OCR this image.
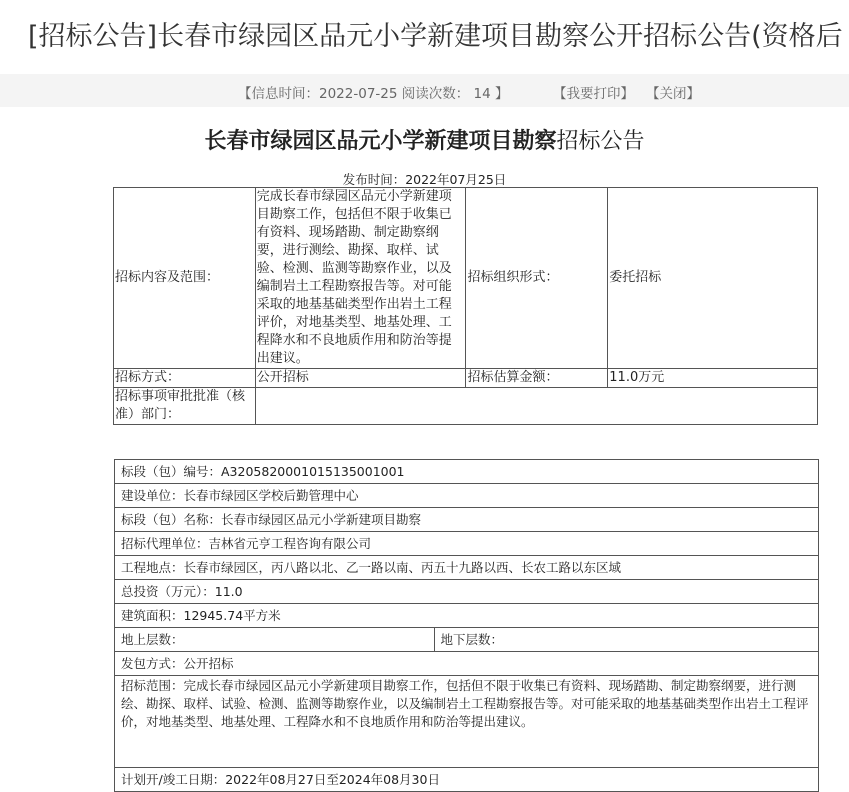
[招标公告]长春市绿园区品元小学新建项目勘察公开招标公告(资格后
【信息时间：2022-07-25 阅读次数： 14 】	【我要打印】 【关闭】
长春市绿园区品元小学新建项目勘察招标公告
发布时间：2022年07月25日
招标内容及范围：	完成长春市绿园区品元小学新建项目勘察工作，包括但不限于收集已有资料、现场踏勘、制定勘察纲要，进行测绘、勘探、取样、试验、检测、监测等勘察作业，以及编制岩土工程勘察报告等。对可能采取的地基基础类型作出岩土工程评价，对地基类型、地基处理、工程降水和不良地质作用和防治等提出建议。	招标组织形式：	委托招标
招标方式：	公开招标	招标估算金额：	11.0万元
招标事项审批批准（核准）部门：			
标段（包）编号：A3205820001015135001001
建设单位：长春市绿园区学校后勤管理中心
标段（包）名称：长春市绿园区品元小学新建项目勘察
招标代理单位：吉林省元亨工程咨询有限公司
工程地点：长春市绿园区，丙八路以北、乙一路以南、丙五十九路以西、长农工路以东区域
总投资（万元）：11.0
建筑面积：12945.74平方米
地上层数：	地下层数：
发包方式：公开招标
招标范围：完成长春市绿园区品元小学新建项目勘察工作，包括但不限于收集已有资料、现场踏勘、制定勘察纲要，进行测绘、勘探、取样、试验、检测、监测等勘察作业，以及编制岩土工程勘察报告等。对可能采取的地基基础类型作出岩土工程评价，对地基类型、地基处理、工程降水和不良地质作用和防治等提出建议。
计划开/竣工日期：2022年08月27日至2024年08月30日
